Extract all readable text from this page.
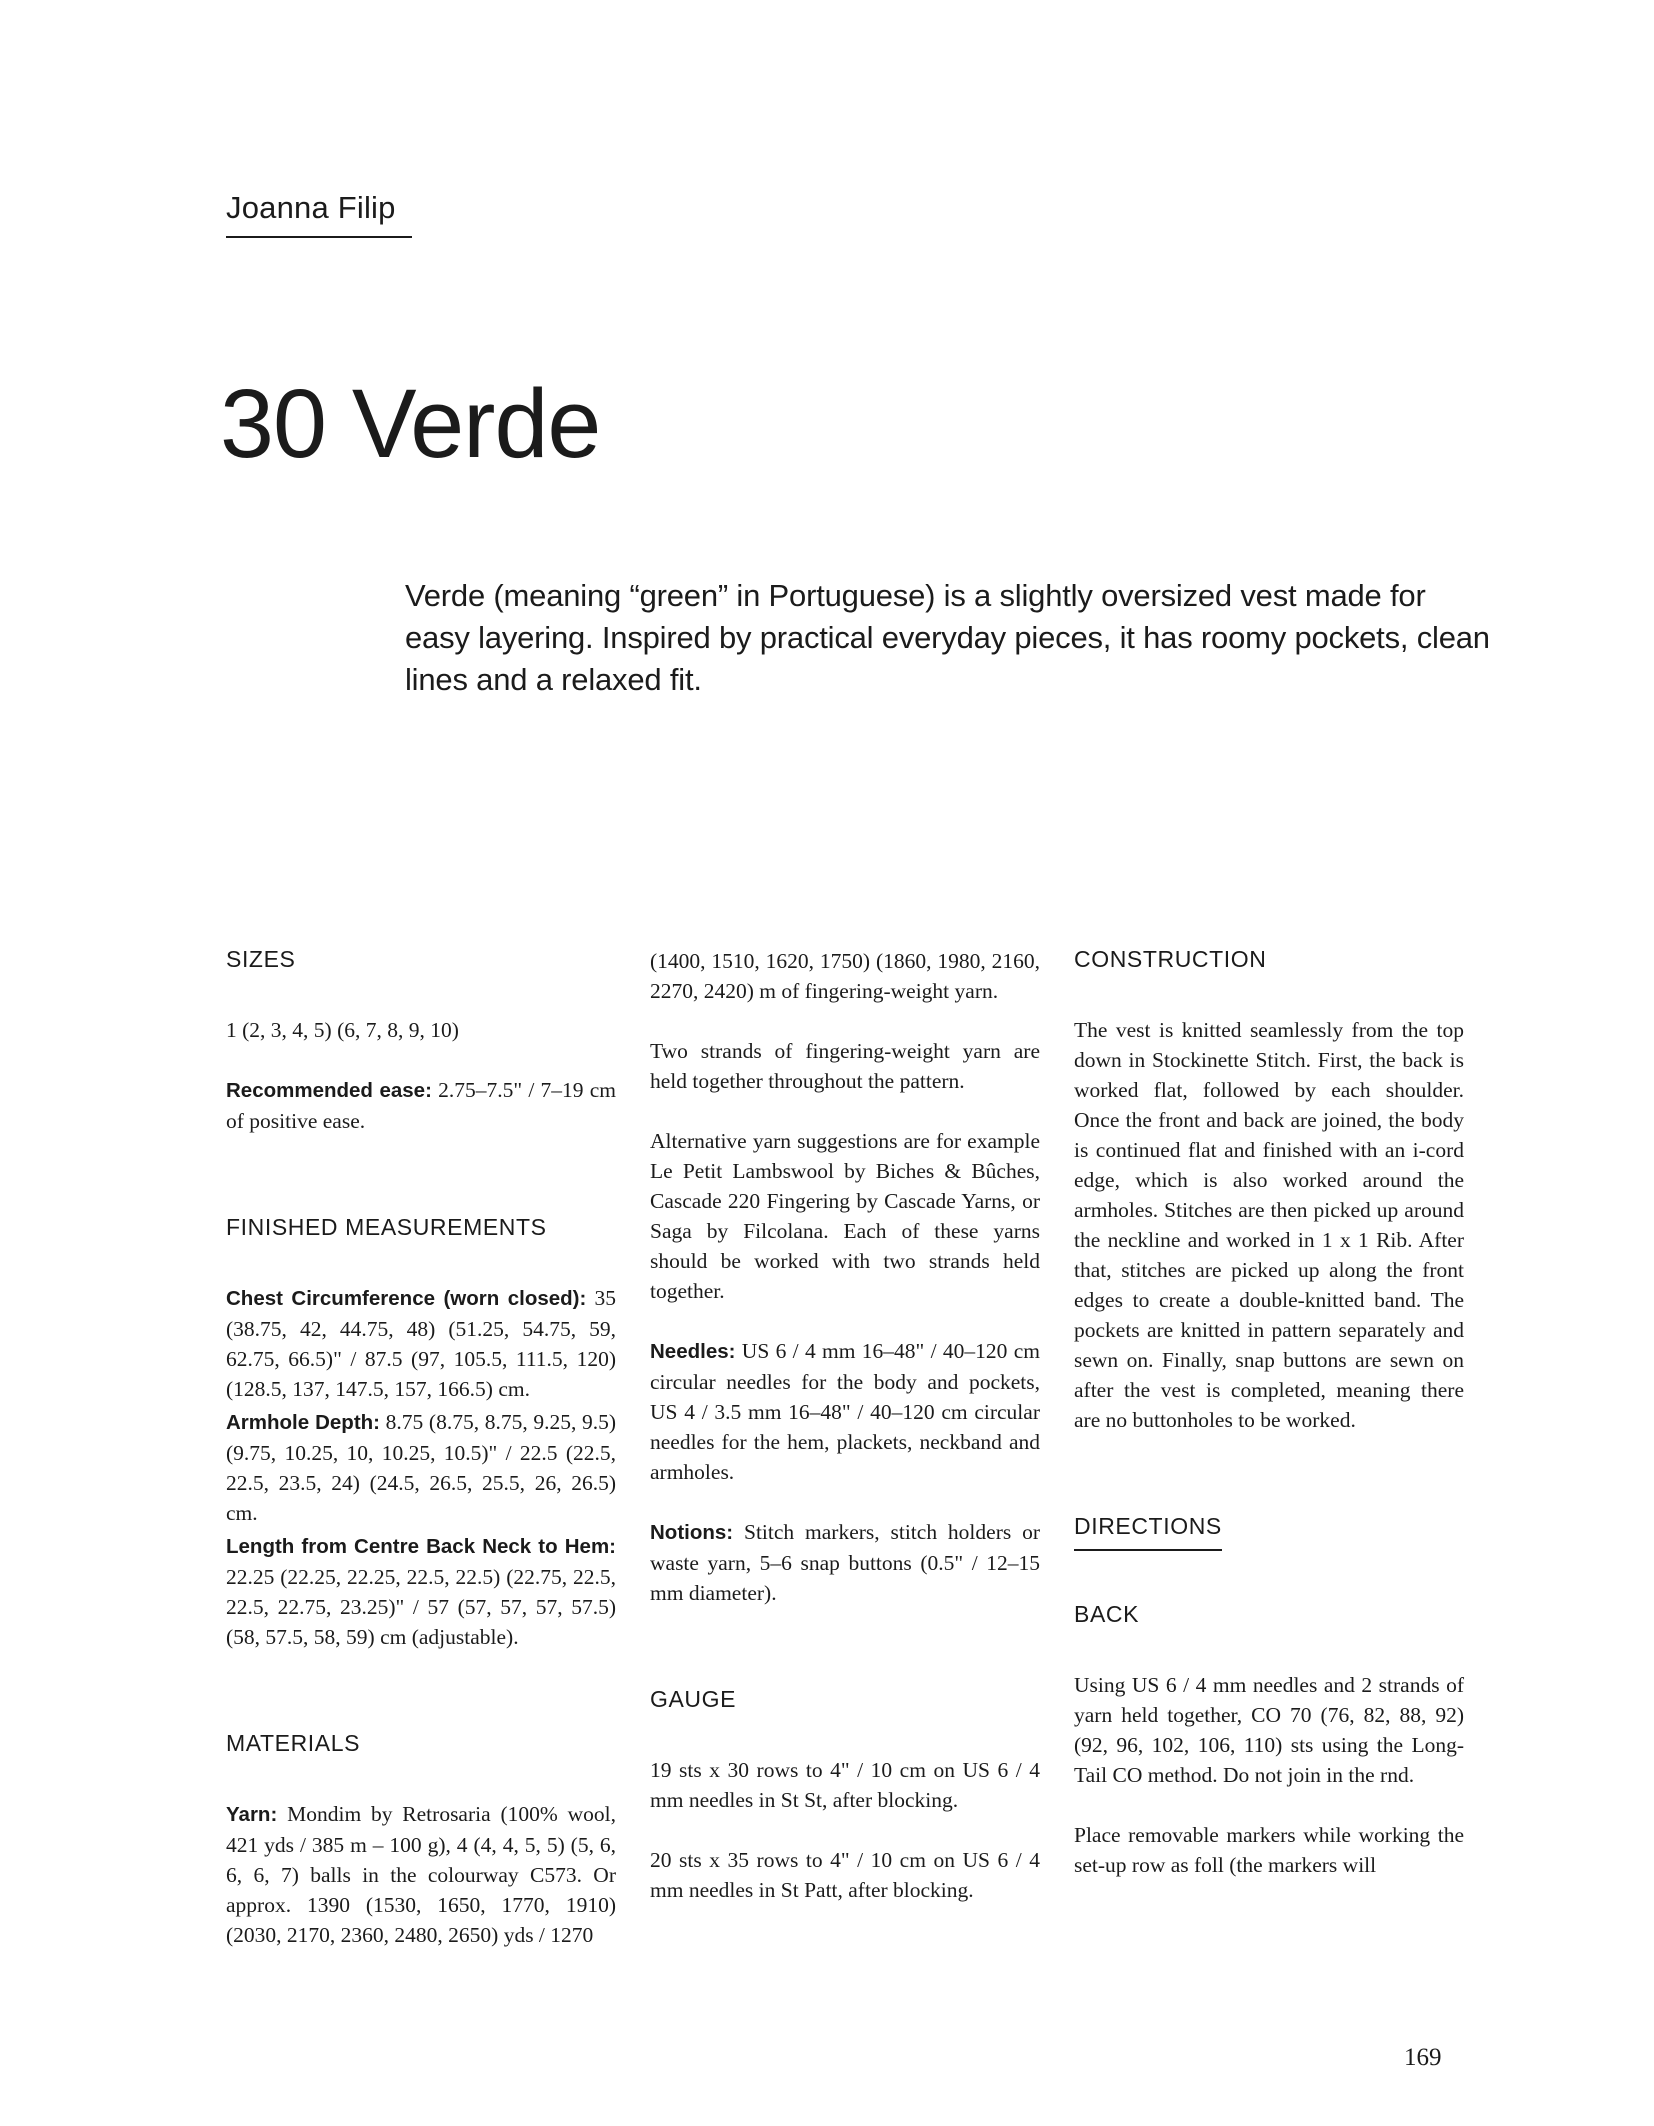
Joanna Filip
30 Verde

Verde (meaning “green” in Portuguese) is a slightly oversized vest made for easy layering. Inspired by practical everyday pieces, it has roomy pockets, clean lines and a relaxed fit.

SIZES

1 (2, 3, 4, 5) (6, 7, 8, 9, 10)

Recommended ease: 2.75–7.5" / 7–19 cm of positive ease.

FINISHED MEASUREMENTS

Chest Circumference (worn closed): 35 (38.75, 42, 44.75, 48) (51.25, 54.75, 59, 62.75, 66.5)" / 87.5 (97, 105.5, 111.5, 120) (128.5, 137, 147.5, 157, 166.5) cm.

Armhole Depth: 8.75 (8.75, 8.75, 9.25, 9.5) (9.75, 10.25, 10, 10.25, 10.5)" / 22.5 (22.5, 22.5, 23.5, 24) (24.5, 26.5, 25.5, 26, 26.5) cm.

Length from Centre Back Neck to Hem: 22.25 (22.25, 22.25, 22.5, 22.5) (22.75, 22.5, 22.5, 22.75, 23.25)" / 57 (57, 57, 57, 57.5) (58, 57.5, 58, 59) cm (adjustable).

MATERIALS

Yarn: Mondim by Retrosaria (100% wool, 421 yds / 385 m – 100 g), 4 (4, 4, 5, 5) (5, 6, 6, 6, 7) balls in the colourway C573. Or approx. 1390 (1530, 1650, 1770, 1910) (2030, 2170, 2360, 2480, 2650) yds / 1270

(1400, 1510, 1620, 1750) (1860, 1980, 2160, 2270, 2420) m of fingering-weight yarn.

Two strands of fingering-weight yarn are held together throughout the pattern.

Alternative yarn suggestions are for example Le Petit Lambswool by Biches & Bûches, Cascade 220 Fingering by Cascade Yarns, or Saga by Filcolana. Each of these yarns should be worked with two strands held together.

Needles: US 6 / 4 mm 16–48" / 40–120 cm circular needles for the body and pockets, US 4 / 3.5 mm 16–48" / 40–120 cm circular needles for the hem, plackets, neckband and armholes.

Notions: Stitch markers, stitch holders or waste yarn, 5–6 snap buttons (0.5" / 12–15 mm diameter).

GAUGE

19 sts x 30 rows to 4" / 10 cm on US 6 / 4 mm needles in St St, after blocking.

20 sts x 35 rows to 4" / 10 cm on US 6 / 4 mm needles in St Patt, after blocking.

CONSTRUCTION

The vest is knitted seamlessly from the top down in Stockinette Stitch. First, the back is worked flat, followed by each shoulder. Once the front and back are joined, the body is continued flat and finished with an i-cord edge, which is also worked around the armholes. Stitches are then picked up around the neckline and worked in 1 x 1 Rib. After that, stitches are picked up along the front edges to create a double-knitted band. The pockets are knitted in pattern separately and sewn on. Finally, snap buttons are sewn on after the vest is completed, meaning there are no buttonholes to be worked.

DIRECTIONS
BACK

Using US 6 / 4 mm needles and 2 strands of yarn held together, CO 70 (76, 82, 88, 92) (92, 96, 102, 106, 110) sts using the Long-Tail CO method. Do not join in the rnd.

Place removable markers while working the set-up row as foll (the markers will

169
